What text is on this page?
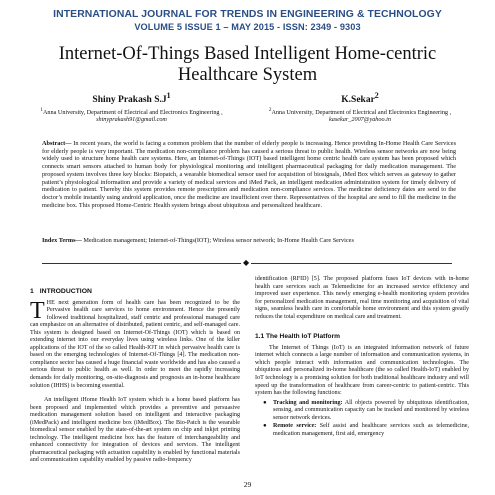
INTERNATIONAL JOURNAL FOR TRENDS IN ENGINEERING & TECHNOLOGY
VOLUME 5 ISSUE 1 – MAY 2015 - ISSN: 2349 - 9303
Internet-Of-Things Based Intelligent Home-centric Healthcare System
Shiny Prakash $S.J^1$
$^1$Anna University, Department of Electrical and Electronics Engineering ,
shinyprakash91@gmail.com
K.Sekar$^2$
$^2$Anna University, Department of Electrical and Electronics Engineering ,
kasekar_2007@yahoo.in
Abstract— In recent years, the world is facing a common problem that the number of elderly people is increasing. Hence providing In-Home Health Care Services for elderly people is very important. The medication non-compliance problem has caused a serious threat to public health. Wireless sensor networks are now being widely used to structure home health care systems. Here, an Internet-of-Things (IOT) based intelligent home centric health care system has been proposed which connects smart sensors attached to human body for physiological monitoring and intelligent pharmaceutical packaging for daily medication management. The proposed system involves three key blocks: Biopatch, a wearable biomedical sensor used for acquisition of biosignals, iMed Box which serves as gateway to gather patient’s physiological information and provide a variety of medical services and iMed Pack, an intelligent medication administration system for timely delivery of medication to patient. Thereby this system provides remote prescription and medication non-compliance services. The medicine deficiency dates are send to the doctor’s mobile instantly using android application, once the medicine are insufficient over there. Representatives of the hospital are send to fill the medicine in the medicine box. This proposed Home-Centric Health system brings about ubiquitous and personalized healthcare.
Index Terms— Medication management; Internet-of-Things(IOT); Wireless sensor network; In-Home Health Care Services
◆
1 INTRODUCTION

THE next generation form of health care has been recognized to be the Pervasive health care services to home environment. Hence the presently followed traditional hospitalized, staff centric and professional managed care can emphasize on an alternative of distributed, patient centric, and self-managed care. This system is designed based on Internet-Of-Things (IOT) which is based on extending internet into our everyday lives using wireless links. One of the killer applications of the IOT of the so called Health-IOT in which pervasive health care is based on the emerging technologies of Internet-Of-Things [4]. The medication non-compliance sector has caused a huge financial waste worldwide and has also caused a serious threat to public health as well. In order to meet the rapidly increasing demands for daily monitoring, on-site-diagnosis and prognosis an in-home healthcare solution (IHHS) is becoming essential.

An intelligent iHome Health IoT system which is a home based platform has been proposed and implemented which provides a preventive and persuasive medication management solution based on intelligent and interactive packaging (iMedPack) and intelligent medicine box (iMedBox). The Bio-Patch is the wearable biomedical sensor enabled by the state-of-the-art system on chip and inkjet printing technology. The intelligent medicine box has the feature of interchangeability and enhanced connectivity for integration of devices and services. The intelligent pharmaceutical packaging with actuation capability is enabled by functional materials and communication capability enabled by passive radio-frequency

identification (RFID) [5]. The proposed platform fuses IoT devices with in-home health care services such as Telemedicine for an increased service efficiency and improved user experience. This newly emerging e-health monitoring system provides for personalized medication management, real time monitoring and acquisition of vital signs, seamless health care in comfortable home environment and this system greatly reduces the total expenditure on medical care and treatment.

1.1 The Health IoT Platform

The Internet of Things (IoT) is an integrated information network of future internet which connects a large number of information and communication systems, in which people interact with information and communication technologies. The ubiquitous and personalized in-home healthcare (the so called Health-IoT) enabled by IoT technology is a promising solution for both traditional healthcare industry and will speed up the transformation of healthcare from career-centric to patient-centric. This system has the following functions:

● Tracking and monitoring: All objects powered by ubiquitous identification, sensing, and communication capacity can be tracked and monitored by wireless sensor network devices.
● Remote service: Self assist and healthcare services such as telemedicine, medication management, first aid, emergency
29
